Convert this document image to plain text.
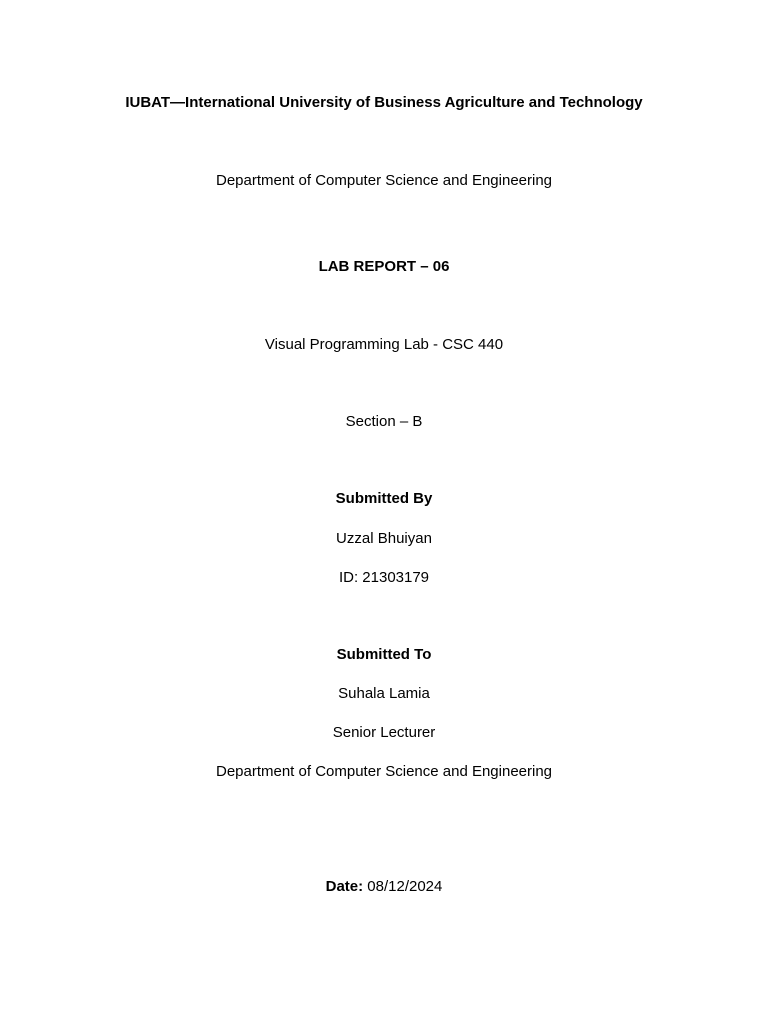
IUBAT—International University of Business Agriculture and Technology
Department of Computer Science and Engineering
LAB REPORT – 06
Visual Programming Lab - CSC 440
Section – B
Submitted By
Uzzal Bhuiyan
ID: 21303179
Submitted To
Suhala Lamia
Senior Lecturer
Department of Computer Science and Engineering
Date: 08/12/2024
